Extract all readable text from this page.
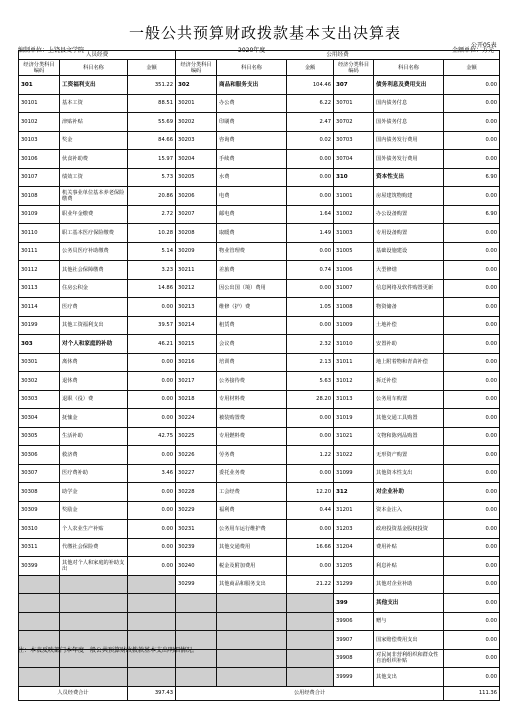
一般公共预算财政拨款基本支出决算表
公开05表
编制单位：上饶县文学院	2020年度	金额单位：万元
人员经费			公用经费					
经济分类科目编码	科目名称	金额	经济分类科目编码	科目名称	金额	经济分类科目编码	科目名称	金额
301	工资福利支出	351.22	302	商品和服务支出	104.46	307	债务利息及费用支出	0.00
30101	基本工资	88.51	30201	办公费	6.22	30701	国内债务付息	0.00
30102	津贴补贴	55.69	30202	印刷费	2.47	30702	国外债务付息	0.00
30103	奖金	84.66	30203	咨询费	0.02	30703	国内债务发行费用	0.00
30106	伙食补助费	15.97	30204	手续费	0.00	30704	国外债务发行费用	0.00
30107	绩效工资	5.73	30205	水费	0.00	310	资本性支出	6.90
30108	机关事业单位基本养老保险缴费	20.86	30206	电费	0.00	31001	房屋建筑物购建	0.00
30109	职业年金缴费	2.72	30207	邮电费	1.64	31002	办公设备购置	6.90
30110	职工基本医疗保险缴费	10.28	30208	取暖费	1.49	31003	专用设备购置	0.00
30111	公务员医疗补助缴费	5.14	30209	物业管理费	0.00	31005	基础设施建设	0.00
30112	其他社会保障缴费	3.23	30211	差旅费	0.74	31006	大型修缮	0.00
30113	住房公积金	14.86	30212	因公出国（境）费用	0.00	31007	信息网络及软件购置更新	0.00
30114	医疗费	0.00	30213	维修（护）费	1.05	31008	物资储备	0.00
30199	其他工资福利支出	39.57	30214	租赁费	0.00	31009	土地补偿	0.00
303	对个人和家庭的补助	46.21	30215	会议费	2.32	31010	安置补助	0.00
30301	离休费	0.00	30216	培训费	2.13	31011	地上附着物和青苗补偿	0.00
30302	退休费	0.00	30217	公务接待费	5.63	31012	拆迁补偿	0.00
30303	退职（役）费	0.00	30218	专用材料费	28.20	31013	公务用车购置	0.00
30304	抚恤金	0.00	30224	被装购置费	0.00	31019	其他交通工具购置	0.00
30305	生活补助	42.75	30225	专用燃料费	0.00	31021	文物和陈列品购置	0.00
30306	救济费	0.00	30226	劳务费	1.22	31022	无形资产购置	0.00
30307	医疗费补助	3.46	30227	委托业务费	0.00	31099	其他资本性支出	0.00
30308	助学金	0.00	30228	工会经费	12.20	312	对企业补助	0.00
30309	奖励金	0.00	30229	福利费	0.44	31201	资本金注入	0.00
30310	个人农业生产补贴	0.00	30231	公务用车运行维护费	0.00	31203	政府投资基金股权投资	0.00
30311	代缴社会保险费	0.00	30239	其他交通费用	16.66	31204	费用补贴	0.00
30399	其他对个人和家庭的补助支出	0.00	30240	税金及附加费用	0.00	31205	利息补贴	0.00
			30299	其他商品和服务支出	21.22	31299	其他对企业补助	0.00
						399	其他支出	0.00
						39906	赠与	0.00
						39907	国家赔偿费用支出	0.00
						39908	对民间非营利组织和群众性自治组织补贴	0.00
						39999	其他支出	0.00
人员经费合计		397.43	公用经费合计					111.36
注：本表反映部门本年度一般公共预算财政拨款基本支出明细情况。
